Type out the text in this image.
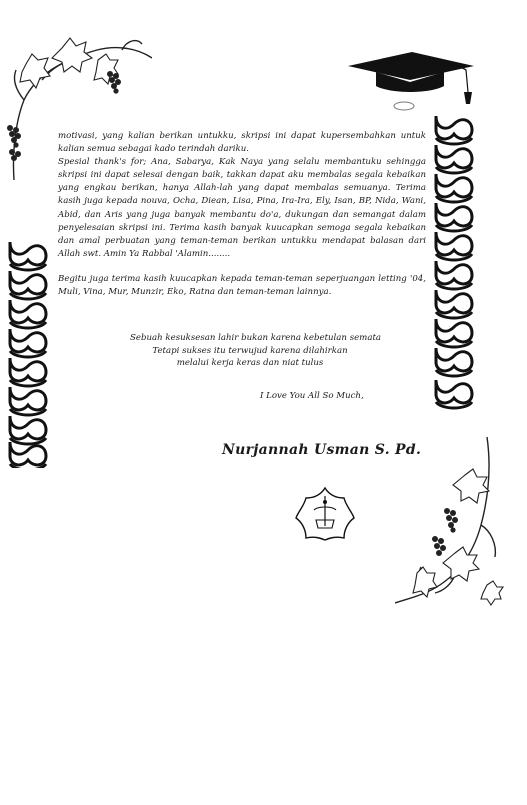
motivasi, yang kalian berikan untukku, skripsi ini dapat kupersembahkan untuk kalian semua sebagai kado terindah dariku.

Spesial thank's for; Ana, Sabarya, Kak Naya yang selalu membantuku sehingga skripsi ini dapat selesai dengan baik, takkan dapat aku membalas segala kebaikan yang engkau berikan, hanya Allah-lah yang dapat membalas semuanya. Terima kasih juga kepada nouva, Ocha, Diean, Lisa, Pina, Ira-Ira, Ely, Isan, BP, Nida, Wani, Abid, dan Aris yang juga banyak membantu do'a, dukungan dan semangat dalam penyelesaian skripsi ini. Terima kasih banyak kuucapkan semoga segala kebaikan dan amal perbuatan yang teman-teman berikan untukku mendapat balasan dari Allah swt. Amin Ya Rabbal 'Alamin........

Begitu juga terima kasih kuucapkan kepada teman-teman seperjuangan letting '04, Muli, Vina, Mur, Munzir, Eko, Ratna dan teman-teman lainnya.

Sebuah kesuksesan lahir bukan karena kebetulan semata
Tetapi sukses itu terwujud karena dilahirkan
melalui kerja keras dan niat tulus
I Love You All So Much,
Nurjannah Usman S. Pd.
